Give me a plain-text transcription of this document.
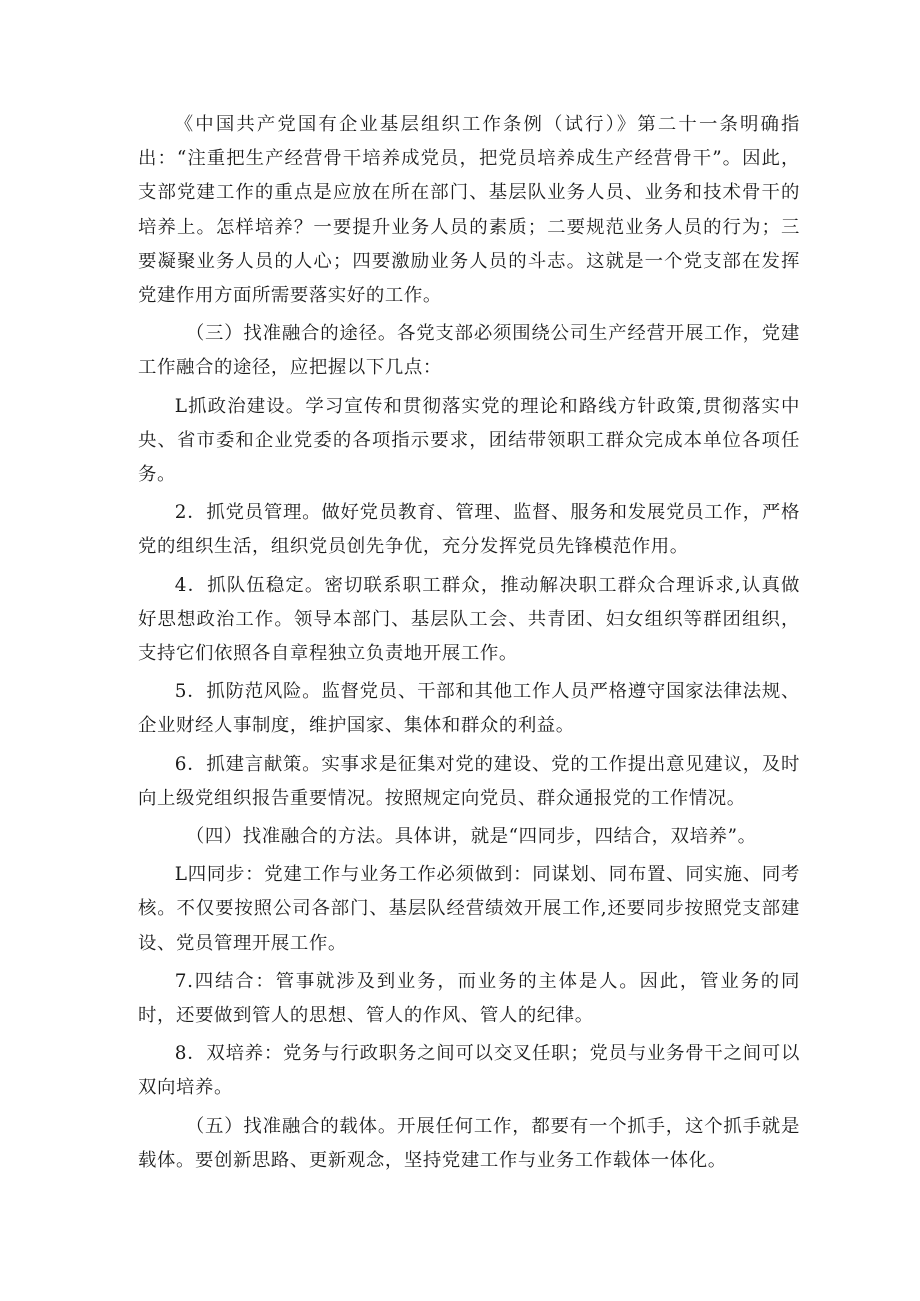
《中国共产党国有企业基层组织工作条例（试行）》第二十一条明确指出：“注重把生产经营骨干培养成党员，把党员培养成生产经营骨干”。因此，支部党建工作的重点是应放在所在部门、基层队业务人员、业务和技术骨干的培养上。怎样培养？一要提升业务人员的素质；二要规范业务人员的行为；三要凝聚业务人员的人心；四要激励业务人员的斗志。这就是一个党支部在发挥党建作用方面所需要落实好的工作。

（三）找准融合的途径。各党支部必须围绕公司生产经营开展工作，党建工作融合的途径，应把握以下几点：

L抓政治建设。学习宣传和贯彻落实党的理论和路线方针政策,贯彻落实中央、省市委和企业党委的各项指示要求，团结带领职工群众完成本单位各项任务。

2．抓党员管理。做好党员教育、管理、监督、服务和发展党员工作，严格党的组织生活，组织党员创先争优，充分发挥党员先锋模范作用。

4．抓队伍稳定。密切联系职工群众，推动解决职工群众合理诉求,认真做好思想政治工作。领导本部门、基层队工会、共青团、妇女组织等群团组织，支持它们依照各自章程独立负责地开展工作。

5．抓防范风险。监督党员、干部和其他工作人员严格遵守国家法律法规、企业财经人事制度，维护国家、集体和群众的利益。

6．抓建言献策。实事求是征集对党的建设、党的工作提出意见建议，及时向上级党组织报告重要情况。按照规定向党员、群众通报党的工作情况。

（四）找准融合的方法。具体讲，就是“四同步，四结合，双培养”。

L四同步：党建工作与业务工作必须做到：同谋划、同布置、同实施、同考核。不仅要按照公司各部门、基层队经营绩效开展工作,还要同步按照党支部建设、党员管理开展工作。

7.四结合：管事就涉及到业务，而业务的主体是人。因此，管业务的同时，还要做到管人的思想、管人的作风、管人的纪律。

8．双培养：党务与行政职务之间可以交叉任职；党员与业务骨干之间可以双向培养。

（五）找准融合的载体。开展任何工作，都要有一个抓手，这个抓手就是载体。要创新思路、更新观念，坚持党建工作与业务工作载体一体化。
